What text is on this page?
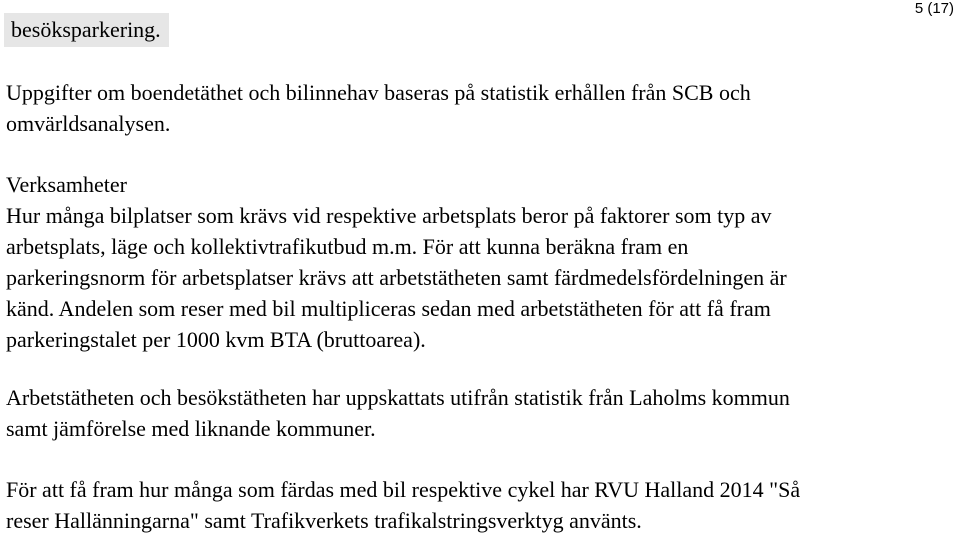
5 (17)
besöksparkering.

Uppgifter om boendetäthet och bilinnehav baseras på statistik erhållen från SCB och
omvärldsanalysen.

Verksamheter
Hur många bilplatser som krävs vid respektive arbetsplats beror på faktorer som typ av
arbetsplats, läge och kollektivtrafikutbud m.m. För att kunna beräkna fram en
parkeringsnorm för arbetsplatser krävs att arbetstätheten samt färdmedelsfördelningen är
känd. Andelen som reser med bil multipliceras sedan med arbetstätheten för att få fram
parkeringstalet per 1000 kvm BTA (bruttoarea).

Arbetstätheten och besökstätheten har uppskattats utifrån statistik från Laholms kommun
samt jämförelse med liknande kommuner.

För att få fram hur många som färdas med bil respektive cykel har RVU Halland 2014 "Så
reser Hallänningarna" samt Trafikverkets trafikalstringsverktyg använts.
